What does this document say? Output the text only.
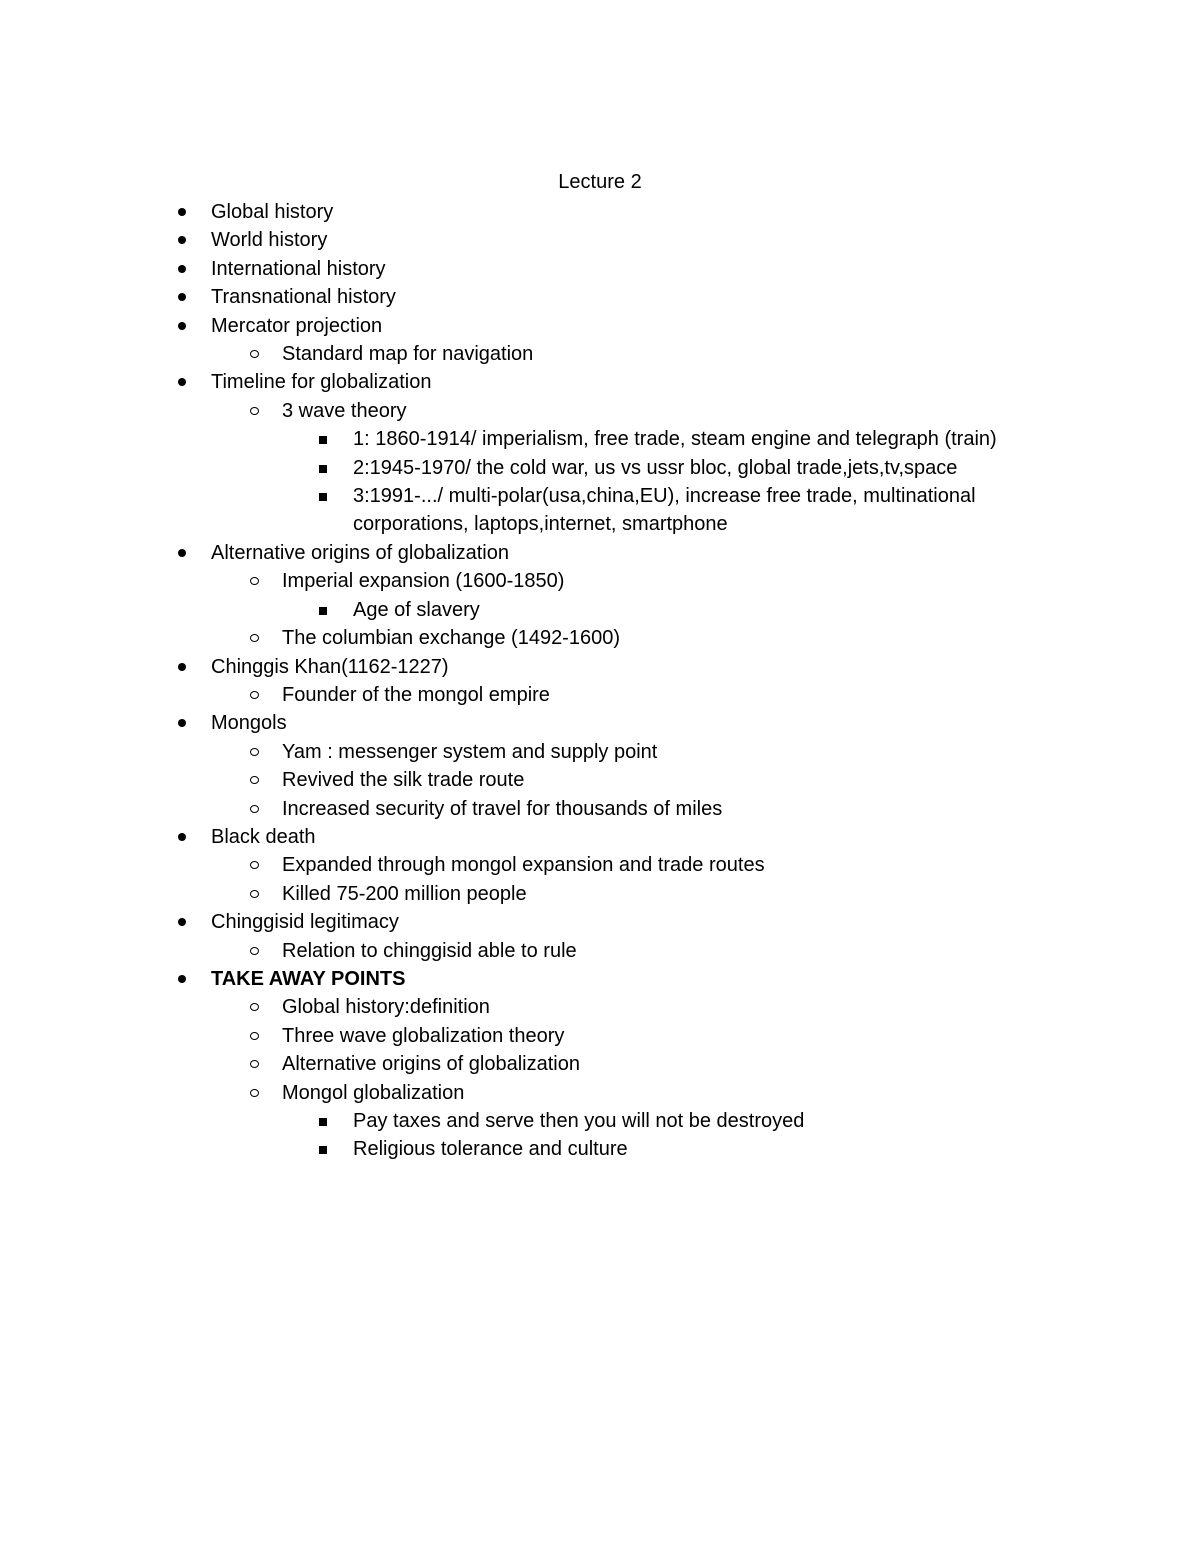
Lecture 2
Global history
World history
International history
Transnational history
Mercator projection
Standard map for navigation
Timeline for globalization
3 wave theory
1: 1860-1914/ imperialism, free trade, steam engine and telegraph (train)
2:1945-1970/ the cold war, us vs ussr bloc, global trade,jets,tv,space
3:1991-.../ multi-polar(usa,china,EU), increase free trade, multinational corporations, laptops,internet, smartphone
Alternative origins of globalization
Imperial expansion (1600-1850)
Age of slavery
The columbian exchange (1492-1600)
Chinggis Khan(1162-1227)
Founder of the mongol empire
Mongols
Yam : messenger system and supply point
Revived the silk trade route
Increased security of travel for thousands of miles
Black death
Expanded through mongol expansion and trade routes
Killed 75-200 million people
Chinggisid legitimacy
Relation to chinggisid able to rule
TAKE AWAY POINTS
Global history:definition
Three wave globalization theory
Alternative origins of globalization
Mongol globalization
Pay taxes and serve then you will not be destroyed
Religious tolerance and culture
